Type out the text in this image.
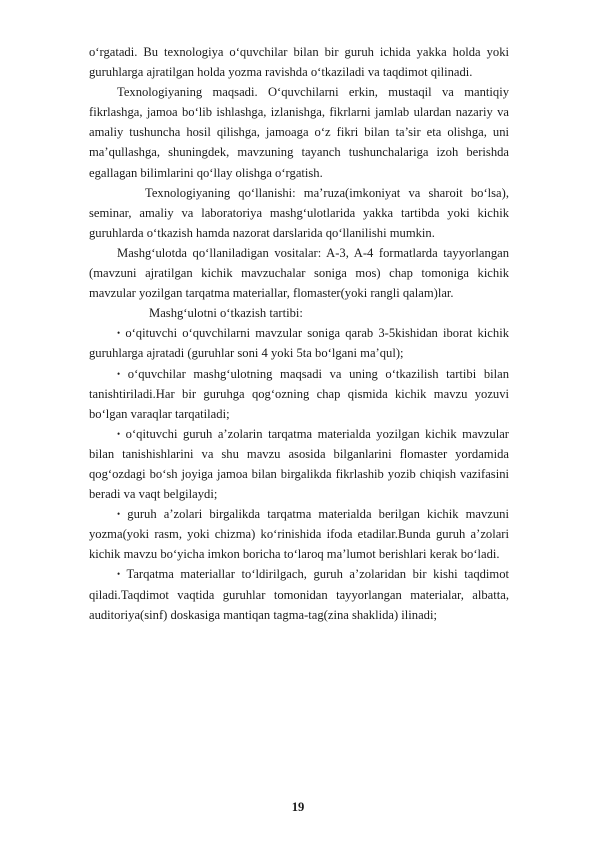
o‘rgatadi. Bu texnologiya o‘quvchilar bilan bir guruh ichida yakka holda yoki guruhlarga ajratilgan holda yozma ravishda o‘tkaziladi va taqdimot qilinadi.

Texnologiyaning maqsadi. O‘quvchilarni erkin, mustaqil va mantiqiy fikrlashga, jamoa bo‘lib ishlashga, izlanishga, fikrlarni jamlab ulardan nazariy va amaliy tushuncha hosil qilishga, jamoaga o‘z fikri bilan ta’sir eta olishga, uni ma’qullashga, shuningdek, mavzuning tayanch tushunchalariga izoh berishda egallagan bilimlarini qo‘llay olishga o‘rgatish.

Texnologiyaning qo‘llanishi: ma’ruza(imkoniyat va sharoit bo‘lsa), seminar, amaliy va laboratoriya mashg‘ulotlarida yakka tartibda yoki kichik guruhlarda o‘tkazish hamda nazorat darslarida qo‘llanilishi mumkin.

Mashg‘ulotda qo‘llaniladigan vositalar: A-3, A-4 formatlarda tayyorlangan (mavzuni ajratilgan kichik mavzuchalar soniga mos) chap tomoniga kichik mavzular yozilgan tarqatma materiallar, flomaster(yoki rangli qalam)lar.

Mashg‘ulotni o‘tkazish tartibi:

• o‘qituvchi o‘quvchilarni mavzular soniga qarab 3-5kishidan iborat kichik guruhlarga ajratadi (guruhlar soni 4 yoki 5ta bo‘lgani ma’qul);

• o‘quvchilar mashg‘ulotning maqsadi va uning o‘tkazilish tartibi bilan tanishtiriladi.Har bir guruhga qog‘ozning chap qismida kichik mavzu yozuvi bo‘lgan varaqlar tarqatiladi;

• o‘qituvchi guruh a’zolarin tarqatma materialda yozilgan kichik mavzular bilan tanishishlarini va shu mavzu asosida bilganlarini flomaster yordamida qog‘ozdagi bo‘sh joyiga jamoa bilan birgalikda fikrlashib yozib chiqish vazifasini beradi va vaqt belgilaydi;

• guruh a’zolari birgalikda tarqatma materialda berilgan kichik mavzuni yozma(yoki rasm, yoki chizma) ko‘rinishida ifoda etadilar.Bunda guruh a’zolari kichik mavzu bo‘yicha imkon boricha to‘laroq ma’lumot berishlari kerak bo‘ladi.

• Tarqatma materiallar to‘ldirilgach, guruh a’zolaridan bir kishi taqdimot qiladi.Taqdimot vaqtida guruhlar tomonidan tayyorlangan materialar, albatta, auditoriya(sinf) doskasiga mantiqan tagma-tag(zina shaklida) ilinadi;

19
